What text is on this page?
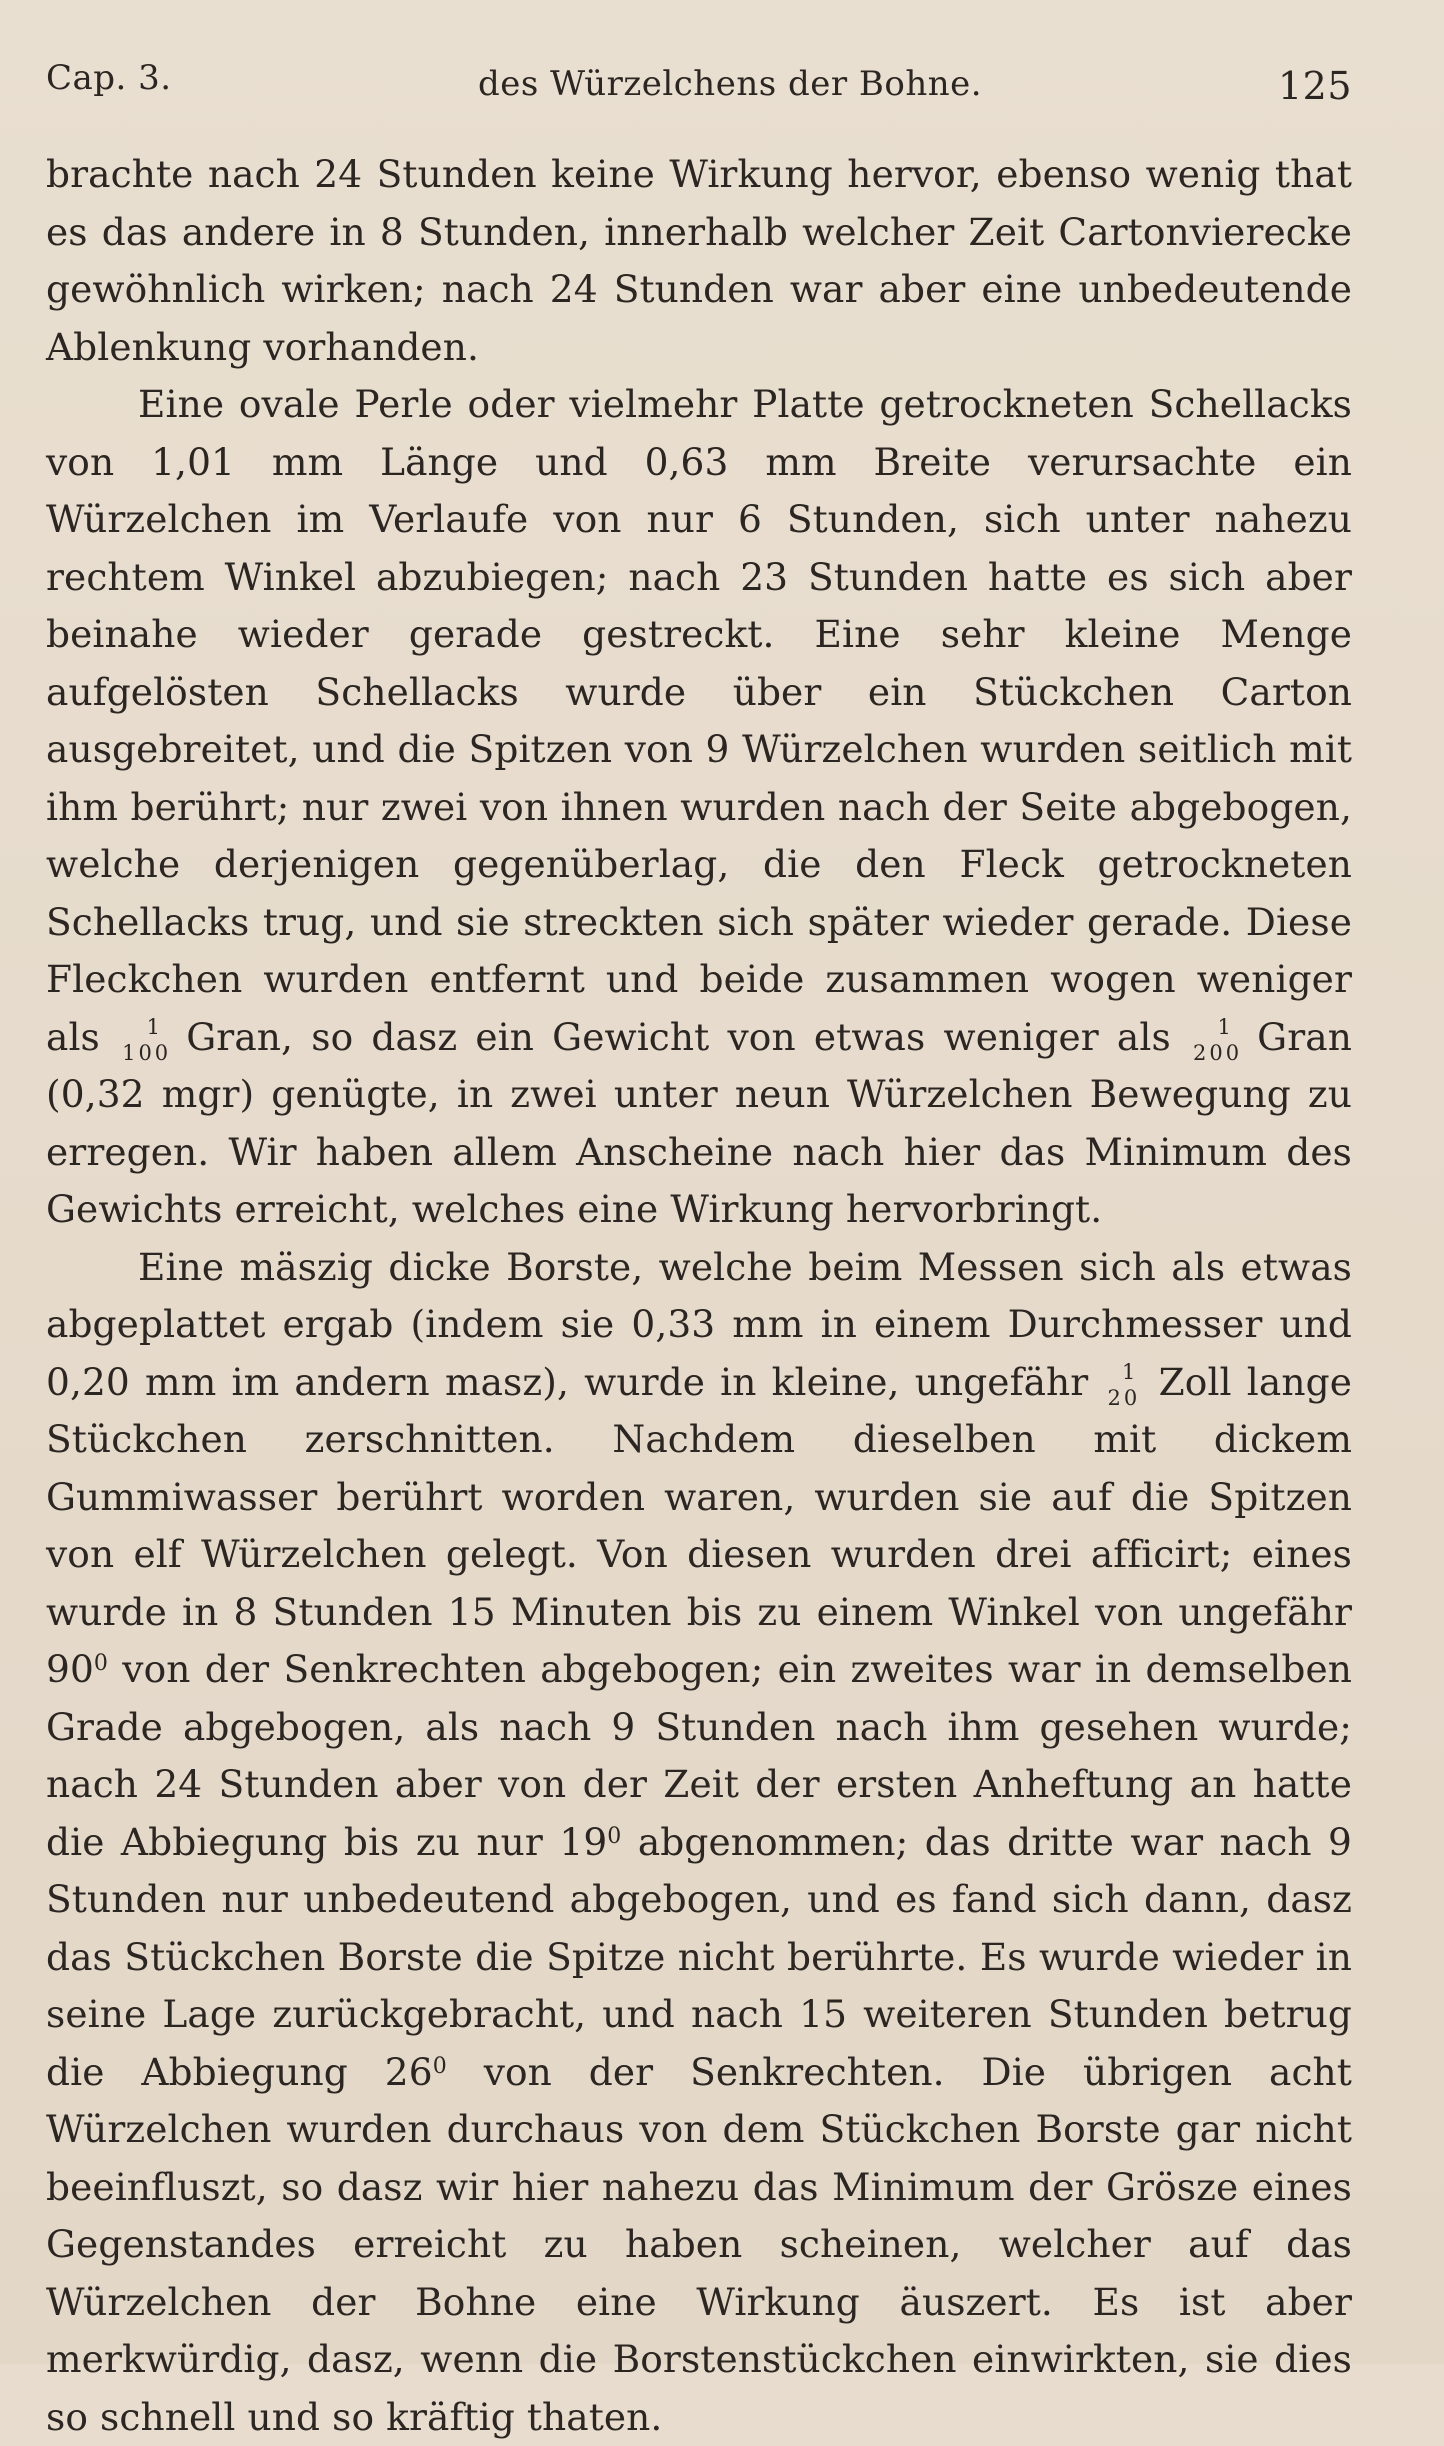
Cap. 3.	des Würzelchens der Bohne.	125

brachte nach 24 Stunden keine Wirkung hervor, ebenso wenig that es das andere in 8 Stunden, innerhalb welcher Zeit Cartonvierecke gewöhnlich wirken; nach 24 Stunden war aber eine unbedeutende Ablenkung vorhanden.

Eine ovale Perle oder vielmehr Platte getrockneten Schellacks von 1,01 mm Länge und 0,63 mm Breite verursachte ein Würzelchen im Verlaufe von nur 6 Stunden, sich unter nahezu rechtem Winkel abzubiegen; nach 23 Stunden hatte es sich aber beinahe wieder gerade gestreckt. Eine sehr kleine Menge aufgelösten Schellacks wurde über ein Stückchen Carton ausgebreitet, und die Spitzen von 9 Würzelchen wurden seitlich mit ihm berührt; nur zwei von ihnen wurden nach der Seite abgebogen, welche derjenigen gegenüberlag, die den Fleck getrockneten Schellacks trug, und sie streckten sich später wieder gerade. Diese Fleckchen wurden entfernt und beide zusammen wogen weniger als 1
100 Gran, so dasz ein Gewicht von etwas weniger als 1
200 Gran (0,32 mgr) genügte, in zwei unter neun Würzelchen Bewegung zu erregen. Wir haben allem Anscheine nach hier das Minimum des Gewichts erreicht, welches eine Wirkung hervorbringt.

Eine mäszig dicke Borste, welche beim Messen sich als etwas abgeplattet ergab (indem sie 0,33 mm in einem Durchmesser und 0,20 mm im andern masz), wurde in kleine, ungefähr 1
20 Zoll lange Stückchen zerschnitten. Nachdem dieselben mit dickem Gummiwasser berührt worden waren, wurden sie auf die Spitzen von elf Würzelchen gelegt. Von diesen wurden drei afficirt; eines wurde in 8 Stunden 15 Minuten bis zu einem Winkel von ungefähr $90^0$ von der Senkrechten abgebogen; ein zweites war in demselben Grade abgebogen, als nach 9 Stunden nach ihm gesehen wurde; nach 24 Stunden aber von der Zeit der ersten Anheftung an hatte die Abbiegung bis zu nur $19^0$ abgenommen; das dritte war nach 9 Stunden nur unbedeutend abgebogen, und es fand sich dann, dasz das Stückchen Borste die Spitze nicht berührte. Es wurde wieder in seine Lage zurückgebracht, und nach 15 weiteren Stunden betrug die Abbiegung $26^0$ von der Senkrechten. Die übrigen acht Würzelchen wurden durchaus von dem Stückchen Borste gar nicht beeinfluszt, so dasz wir hier nahezu das Minimum der Grösze eines Gegenstandes erreicht zu haben scheinen, welcher auf das Würzelchen der Bohne eine Wirkung äuszert. Es ist aber merkwürdig, dasz, wenn die Borstenstückchen einwirkten, sie dies so schnell und so kräftig thaten.
